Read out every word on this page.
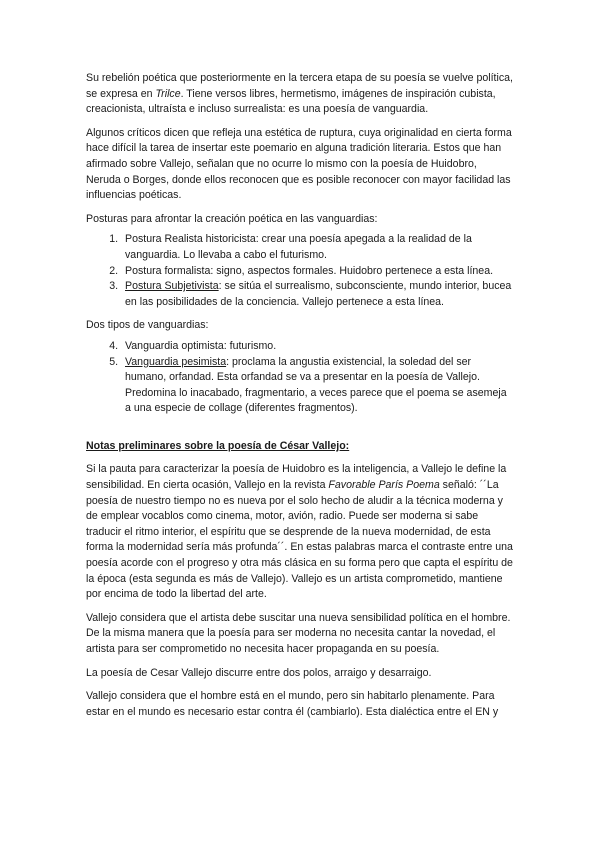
Su rebelión poética que posteriormente en la tercera etapa de su poesía se vuelve política, se expresa en Trilce. Tiene versos libres, hermetismo, imágenes de inspiración cubista, creacionista, ultraísta e incluso surrealista: es una poesía de vanguardia.

Algunos críticos dicen que refleja una estética de ruptura, cuya originalidad en cierta forma hace difícil la tarea de insertar este poemario en alguna tradición literaria. Estos que han afirmado sobre Vallejo, señalan que no ocurre lo mismo con la poesía de Huidobro, Neruda o Borges, donde ellos reconocen que es posible reconocer con mayor facilidad las influencias poéticas.

Posturas para afrontar la creación poética en las vanguardias:

1. Postura Realista historicista: crear una poesía apegada a la realidad de la vanguardia. Lo llevaba a cabo el futurismo.
2. Postura formalista: signo, aspectos formales. Huidobro pertenece a esta línea.
3. Postura Subjetivista: se sitúa el surrealismo, subconsciente, mundo interior, bucea en las posibilidades de la conciencia. Vallejo pertenece a esta línea.

Dos tipos de vanguardias:

4. Vanguardia optimista: futurismo.
5. Vanguardia pesimista: proclama la angustia existencial, la soledad del ser humano, orfandad. Esta orfandad se va a presentar en la poesía de Vallejo. Predomina lo inacabado, fragmentario, a veces parece que el poema se asemeja a una especie de collage (diferentes fragmentos).

Notas preliminares sobre la poesía de César Vallejo:

Si la pauta para caracterizar la poesía de Huidobro es la inteligencia, a Vallejo le define la sensibilidad. En cierta ocasión, Vallejo en la revista Favorable París Poema señaló: ´´La poesía de nuestro tiempo no es nueva por el solo hecho de aludir a la técnica moderna y de emplear vocablos como cinema, motor, avión, radio. Puede ser moderna si sabe traducir el ritmo interior, el espíritu que se desprende de la nueva modernidad, de esta forma la modernidad sería más profunda´´. En estas palabras marca el contraste entre una poesía acorde con el progreso y otra más clásica en su forma pero que capta el espíritu de la época (esta segunda es más de Vallejo). Vallejo es un artista comprometido, mantiene por encima de todo la libertad del arte.

Vallejo considera que el artista debe suscitar una nueva sensibilidad política en el hombre. De la misma manera que la poesía para ser moderna no necesita cantar la novedad, el artista para ser comprometido no necesita hacer propaganda en su poesía.

La poesía de Cesar Vallejo discurre entre dos polos, arraigo y desarraigo.

Vallejo considera que el hombre está en el mundo, pero sin habitarlo plenamente. Para estar en el mundo es necesario estar contra él (cambiarlo). Esta dialéctica entre el EN y
